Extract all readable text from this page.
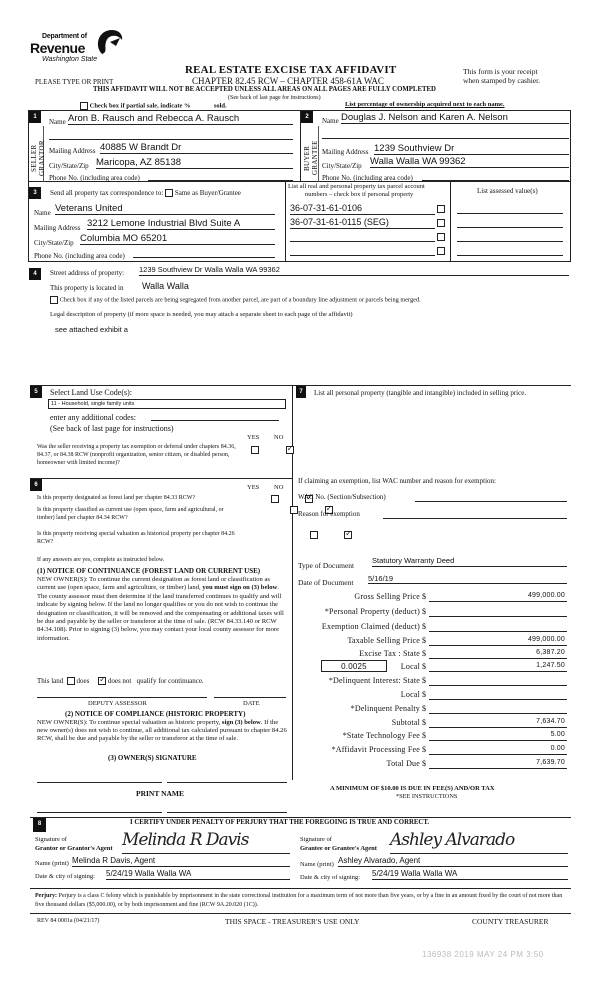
Department of
Revenue
Washington State
PLEASE TYPE OR PRINT
REAL ESTATE EXCISE TAX AFFIDAVIT
CHAPTER 82.45 RCW – CHAPTER 458-61A WAC
This form is your receipt
when stamped by cashier.
THIS AFFIDAVIT WILL NOT BE ACCEPTED UNLESS ALL AREAS ON ALL PAGES ARE FULLY COMPLETED
(See back of last page for instructions)
Check box if partial sale, indicate %	sold.	List percentage of ownership acquired next to each name.
1
SELLER
GRANTOR
Name Aron B. Rausch and Rebecca A. Rausch
Mailing Address 40885 W Brandt Dr
City/State/Zip Maricopa, AZ 85138
Phone No. (including area code)
2
BUYER
GRANTEE
Name Douglas J. Nelson and Karen A. Nelson
Mailing Address 1239 Southview Dr
City/State/Zip Walla Walla WA 99362
Phone No. (including area code)
3	Send all property tax correspondence to: Same as Buyer/Grantee
Name Veterans United
Mailing Address 3212 Lemone Industrial Blvd Suite A
City/State/Zip Columbia MO 65201
Phone No. (including area code)
List all real and personal property tax parcel account
numbers – check box if personal property	List assessed value(s)
36-07-31-61-0106
36-07-31-61-0115 (SEG)
4	Street address of property: 1239 Southview Dr Walla Walla WA 99362
This property is located in Walla Walla
Check box if any of the listed parcels are being segregated from another parcel, are part of a boundary line adjustment or parcels being merged.
Legal description of property (if more space is needed, you may attach a separate sheet to each page of the affidavit)
see attached exhibit a
5	Select Land Use Code(s):
11 - Household, single family units
enter any additional codes:
(See back of last page for instructions)
YES NO
Was the seller receiving a property tax exemption or deferral under chapters 84.36, 84.37, or 84.38 RCW (nonprofit organization, senior citizen, or disabled person, homeowner with limited income)?
✓
6	YES NO
Is this property designated as forest land per chapter 84.33 RCW?
✓
Is this property classified as current use (open space, farm and agricultural, or timber) land per chapter 84.34 RCW?
✓
Is this property receiving special valuation as historical property per chapter 84.26 RCW?
✓
If any answers are yes, complete as instructed below.
(1) NOTICE OF CONTINUANCE (FOREST LAND OR CURRENT USE)
NEW OWNER(S): To continue the current designation as forest land or classification as current use (open space, farm and agriculture, or timber) land, you must sign on (3) below. The county assessor must then determine if the land transferred continues to qualify and will indicate by signing below. If the land no longer qualifies or you do not wish to continue the designation or classification, it will be removed and the compensating or additional taxes will be due and payable by the seller or transferor at the time of sale. (RCW 84.33.140 or RCW 84.34.108). Prior to signing (3) below, you may contact your local county assessor for more information.
This land does ✓	does not qualify for continuance.
DEPUTY ASSESSOR	DATE
(2) NOTICE OF COMPLIANCE (HISTORIC PROPERTY)
NEW OWNER(S): To continue special valuation as historic property, sign (3) below. If the new owner(s) does not wish to continue, all additional tax calculated pursuant to chapter 84.26 RCW, shall be due and payable by the seller or transferor at the time of sale.
(3) OWNER(S) SIGNATURE
PRINT NAME
7	List all personal property (tangible and intangible) included in selling price.
If claiming an exemption, list WAC number and reason for exemption:
WAC No. (Section/Subsection)
Reason for exemption
Type of Document
Statutory Warranty Deed
Date of Document 5/16/19
Gross Selling Price $	499,000.00
*Personal Property (deduct) $
Exemption Claimed (deduct) $
Taxable Selling Price $	499,000.00
Excise Tax : State $	6,387.20
0.0025	Local $	1,247.50
*Delinquent Interest: State $
Local $
*Delinquent Penalty $
Subtotal $	7,634.70
*State Technology Fee $	5.00
*Affidavit Processing Fee $	0.00
Total Due $	7,639.70
A MINIMUM OF $10.00 IS DUE IN FEE(S) AND/OR TAX
*SEE INSTRUCTIONS
8	I CERTIFY UNDER PENALTY OF PERJURY THAT THE FOREGOING IS TRUE AND CORRECT.
Signature of
Grantor or Grantor's Agent Melinda R Davis
Name (print) Melinda R Davis, Agent
Date & city of signing: 5/24/19 Walla Walla WA
Signature of
Grantee or Grantee's Agent Ashley Alvarado
Name (print) Ashley Alvarado, Agent
Date & city of signing: 5/24/19 Walla Walla WA
Perjury: Perjury is a class C felony which is punishable by imprisonment in the state correctional institution for a maximum term of not more than five years, or by a fine in an amount fixed by the court of not more than five thousand dollars ($5,000.00), or by both imprisonment and fine (RCW 9A.20.020 (1C)).
REV 84 0001a (04/21/17)	THIS SPACE - TREASURER'S USE ONLY	COUNTY TREASURER
136938 2019 MAY 24 PM 3:50
